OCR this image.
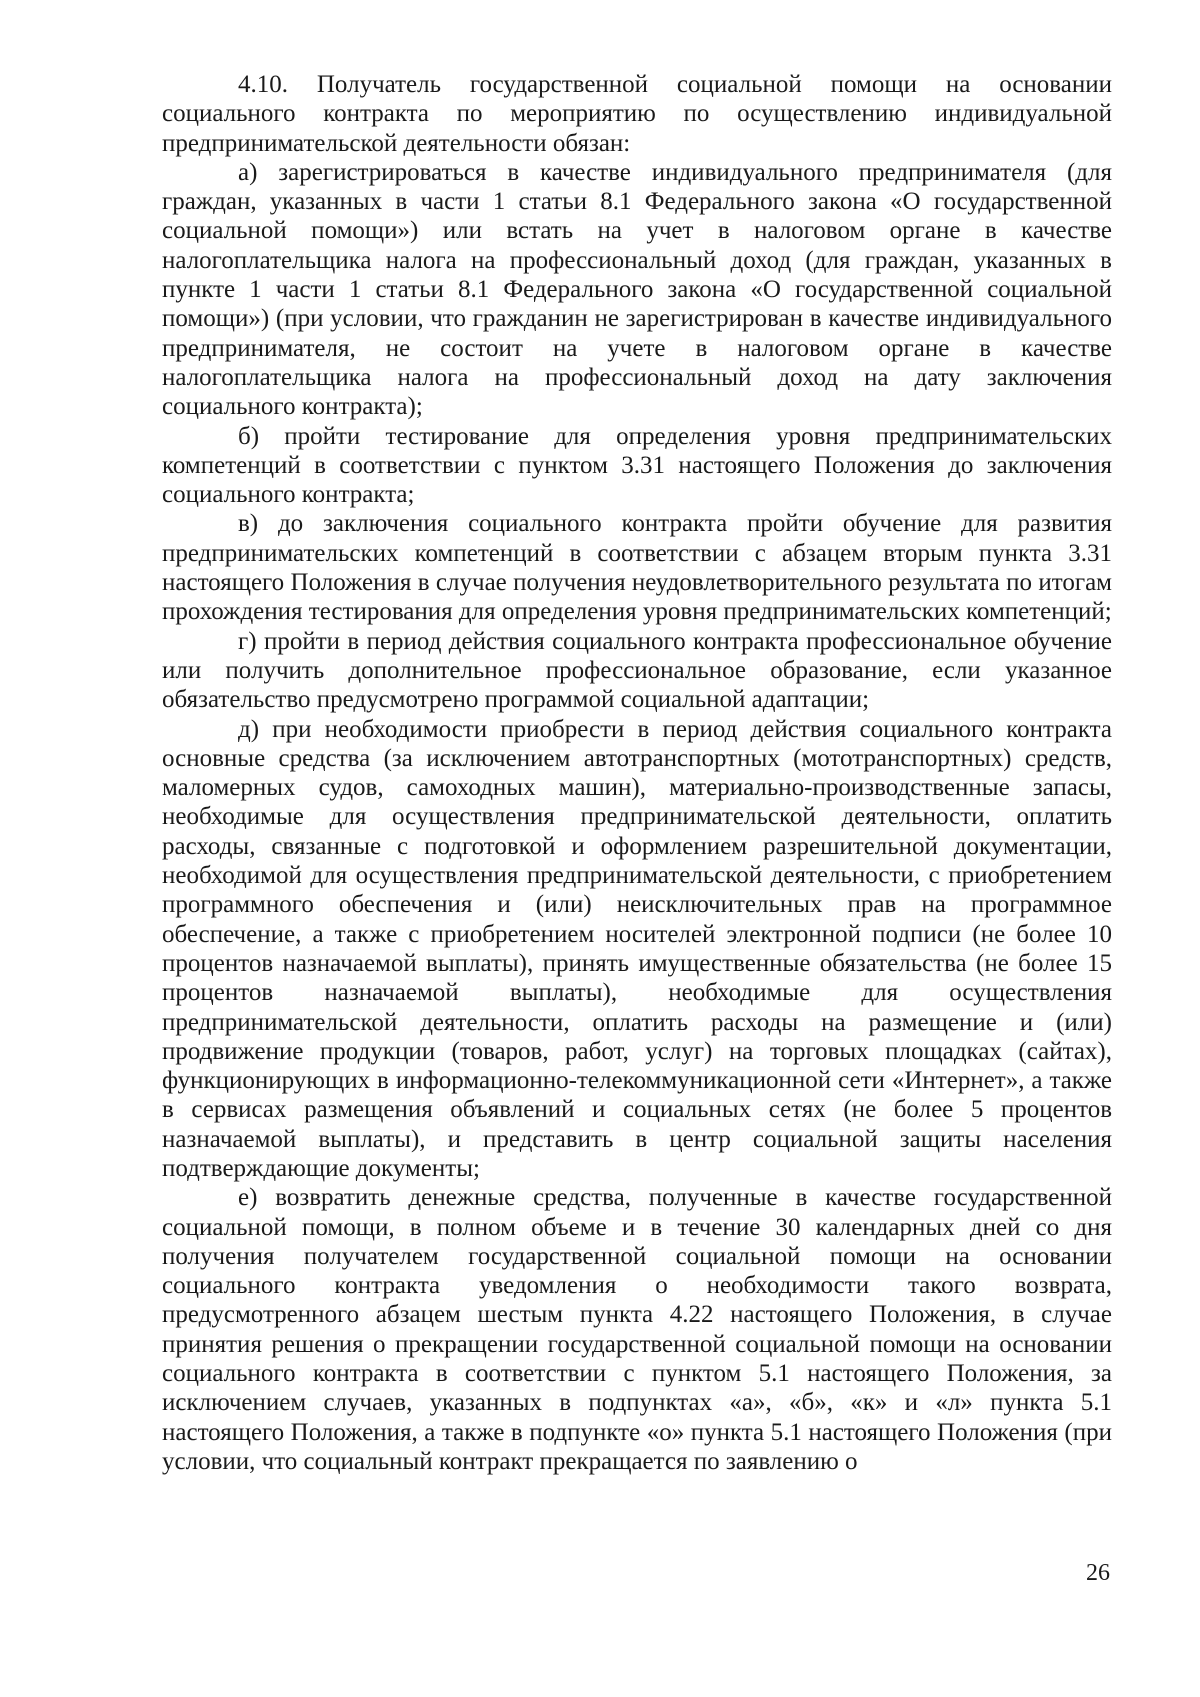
4.10. Получатель государственной социальной помощи на основании социального контракта по мероприятию по осуществлению индивидуальной предпринимательской деятельности обязан:

а) зарегистрироваться в качестве индивидуального предпринимателя (для граждан, указанных в части 1 статьи 8.1 Федерального закона «О государственной социальной помощи») или встать на учет в налоговом органе в качестве налогоплательщика налога на профессиональный доход (для граждан, указанных в пункте 1 части 1 статьи 8.1 Федерального закона «О государственной социальной помощи») (при условии, что гражданин не зарегистрирован в качестве индивидуального предпринимателя, не состоит на учете в налоговом органе в качестве налогоплательщика налога на профессиональный доход на дату заключения социального контракта);

б) пройти тестирование для определения уровня предпринимательских компетенций в соответствии с пунктом 3.31 настоящего Положения до заключения социального контракта;

в) до заключения социального контракта пройти обучение для развития предпринимательских компетенций в соответствии с абзацем вторым пункта 3.31 настоящего Положения в случае получения неудовлетворительного результата по итогам прохождения тестирования для определения уровня предпринимательских компетенций;

г) пройти в период действия социального контракта профессиональное обучение или получить дополнительное профессиональное образование, если указанное обязательство предусмотрено программой социальной адаптации;

д) при необходимости приобрести в период действия социального контракта основные средства (за исключением автотранспортных (мототранспортных) средств, маломерных судов, самоходных машин), материально-производственные запасы, необходимые для осуществления предпринимательской деятельности, оплатить расходы, связанные с подготовкой и оформлением разрешительной документации, необходимой для осуществления предпринимательской деятельности, с приобретением программного обеспечения и (или) неисключительных прав на программное обеспечение, а также с приобретением носителей электронной подписи (не более 10 процентов назначаемой выплаты), принять имущественные обязательства (не более 15 процентов назначаемой выплаты), необходимые для осуществления предпринимательской деятельности, оплатить расходы на размещение и (или) продвижение продукции (товаров, работ, услуг) на торговых площадках (сайтах), функционирующих в информационно-телекоммуникационной сети «Интернет», а также в сервисах размещения объявлений и социальных сетях (не более 5 процентов назначаемой выплаты), и представить в центр социальной защиты населения подтверждающие документы;

е) возвратить денежные средства, полученные в качестве государственной социальной помощи, в полном объеме и в течение 30 календарных дней со дня получения получателем государственной социальной помощи на основании социального контракта уведомления о необходимости такого возврата, предусмотренного абзацем шестым пункта 4.22 настоящего Положения, в случае принятия решения о прекращении государственной социальной помощи на основании социального контракта в соответствии с пунктом 5.1 настоящего Положения, за исключением случаев, указанных в подпунктах «а», «б», «к» и «л» пункта 5.1 настоящего Положения, а также в подпункте «о» пункта 5.1 настоящего Положения (при условии, что социальный контракт прекращается по заявлению о

26
